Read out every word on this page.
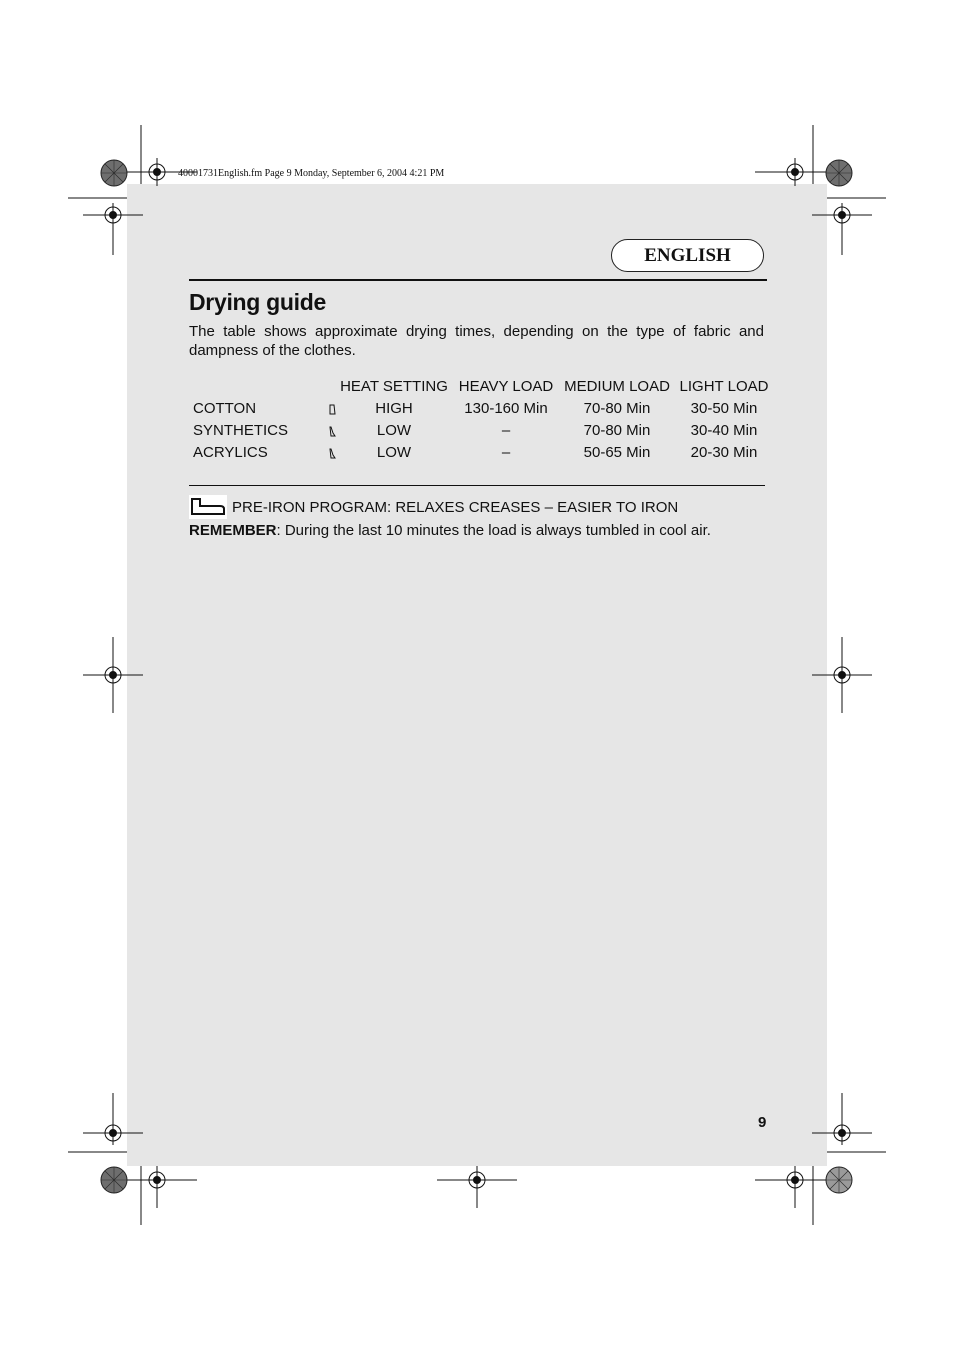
40001731English.fm Page 9 Monday, September 6, 2004 4:21 PM
ENGLISH
Drying guide
The table shows approximate drying times, depending on the type of fabric and dampness of the clothes.
		HEAT SETTING	HEAVY LOAD	MEDIUM LOAD	LIGHT LOAD
COTTON		HIGH	130-160 Min	70-80 Min	30-50 Min
SYNTHETICS		LOW	–	70-80 Min	30-40 Min
ACRYLICS		LOW	–	50-65 Min	20-30 Min
PRE-IRON PROGRAM: RELAXES CREASES – EASIER TO IRON
REMEMBER: During the last 10 minutes the load is always tumbled in cool air.
9
